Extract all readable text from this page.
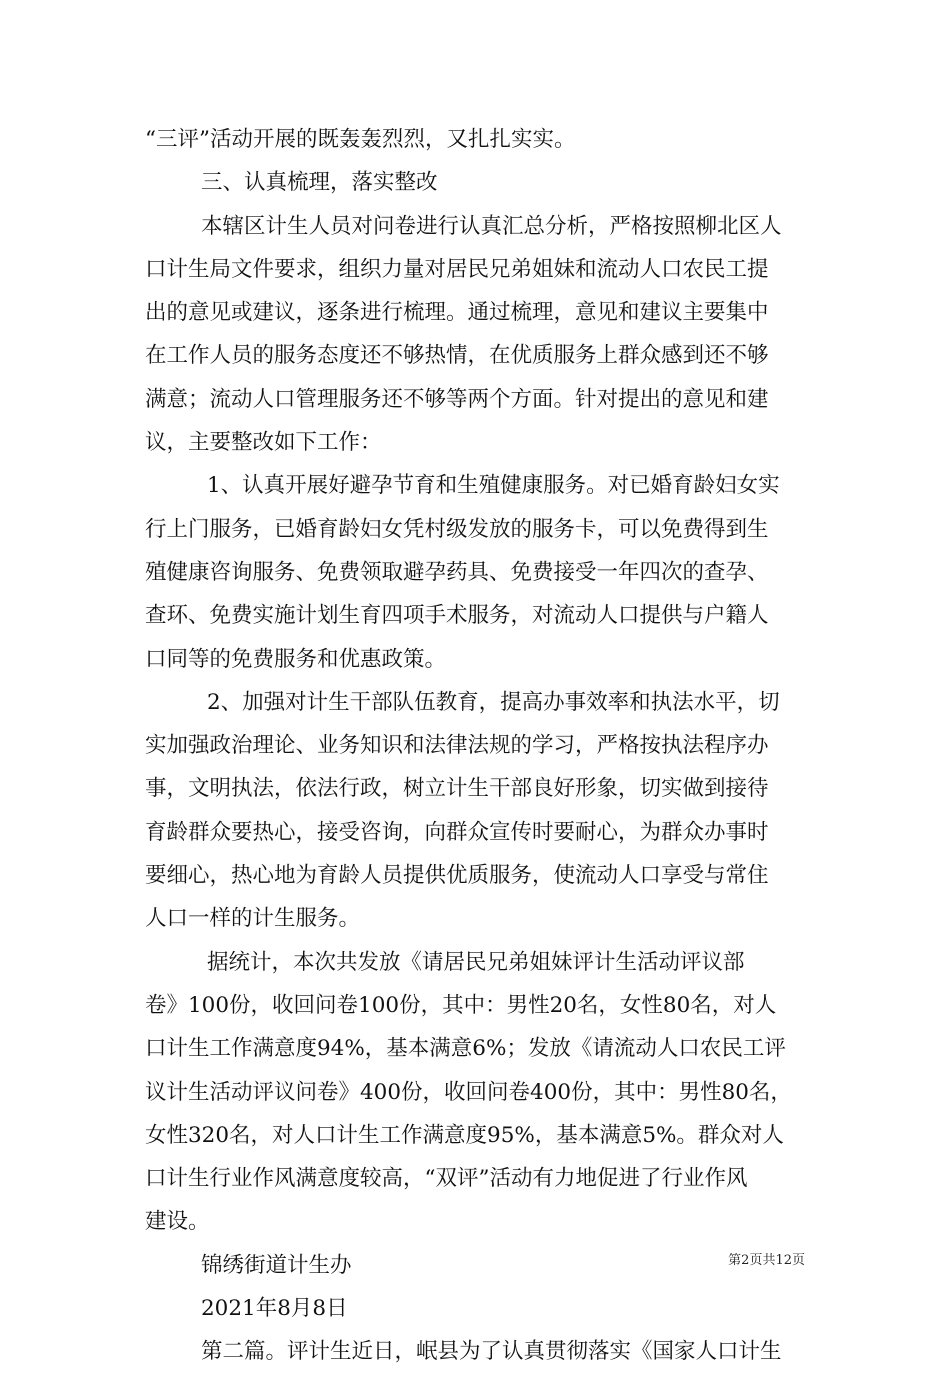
“三评”活动开展的既轰轰烈烈，又扎扎实实。
三、认真梳理，落实整改
本辖区计生人员对问卷进行认真汇总分析，严格按照柳北区人
口计生局文件要求，组织力量对居民兄弟姐妹和流动人口农民工提
出的意见或建议，逐条进行梳理。通过梳理，意见和建议主要集中
在工作人员的服务态度还不够热情，在优质服务上群众感到还不够
满意；流动人口管理服务还不够等两个方面。针对提出的意见和建
议，主要整改如下工作：
1、认真开展好避孕节育和生殖健康服务。对已婚育龄妇女实
行上门服务，已婚育龄妇女凭村级发放的服务卡，可以免费得到生
殖健康咨询服务、免费领取避孕药具、免费接受一年四次的查孕、
查环、免费实施计划生育四项手术服务，对流动人口提供与户籍人
口同等的免费服务和优惠政策。
2、加强对计生干部队伍教育，提高办事效率和执法水平，切
实加强政治理论、业务知识和法律法规的学习，严格按执法程序办
事，文明执法，依法行政，树立计生干部良好形象，切实做到接待
育龄群众要热心，接受咨询，向群众宣传时要耐心，为群众办事时
要细心，热心地为育龄人员提供优质服务，使流动人口享受与常住
人口一样的计生服务。
据统计，本次共发放《请居民兄弟姐妹评计生活动评议部
卷》100份，收回问卷100份，其中：男性20名，女性80名，对人
口计生工作满意度94%，基本满意6%；发放《请流动人口农民工评
议计生活动评议问卷》400份，收回问卷400份，其中：男性80名，
女性320名，对人口计生工作满意度95%，基本满意5%。群众对人
口计生行业作风满意度较高，“双评”活动有力地促进了行业作风
建设。
锦绣街道计生办
2021年8月8日
第二篇。评计生近日，岷县为了认真贯彻落实《国家人口计生
第2页共12页
